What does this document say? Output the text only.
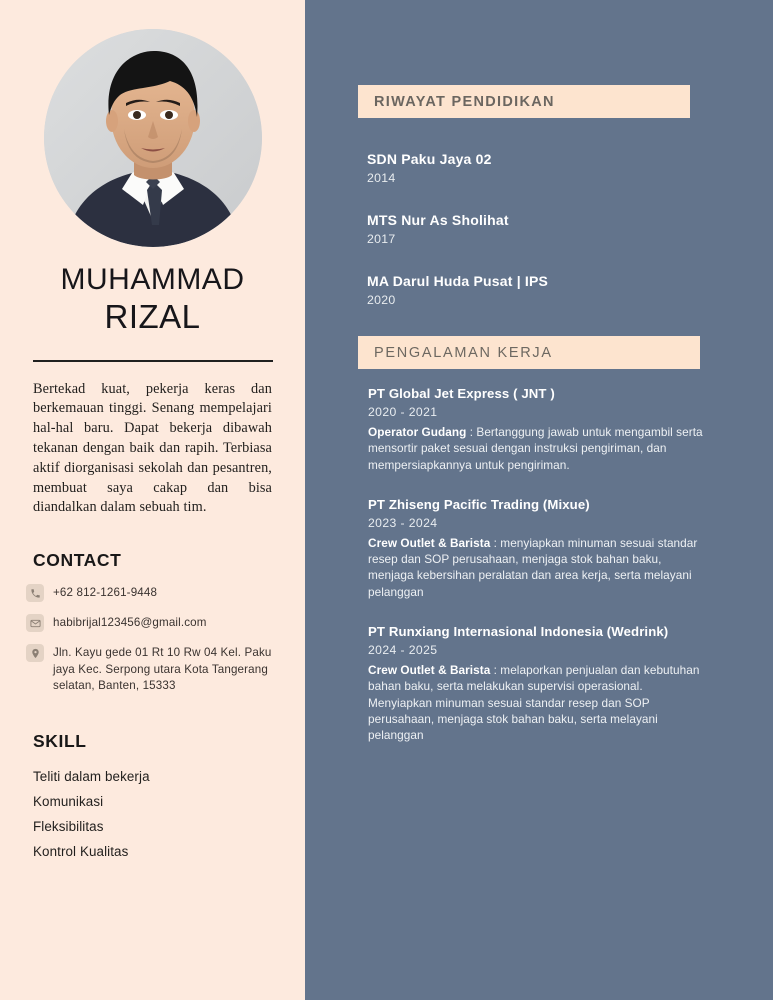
MUHAMMAD
RIZAL
Bertekad kuat, pekerja keras dan berkemauan tinggi. Senang mempelajari hal-hal baru. Dapat bekerja dibawah tekanan dengan baik dan rapih. Terbiasa aktif diorganisasi sekolah dan pesantren, membuat saya cakap dan bisa diandalkan dalam sebuah tim.
CONTACT
+62 812-1261-9448
habibrijal123456@gmail.com
Jln. Kayu gede 01 Rt 10 Rw 04 Kel. Paku jaya Kec. Serpong utara Kota Tangerang selatan, Banten, 15333
SKILL
Teliti dalam bekerja
Komunikasi
Fleksibilitas
Kontrol Kualitas
RIWAYAT PENDIDIKAN
SDN Paku Jaya 02
2014
MTS Nur As Sholihat
2017
MA Darul Huda Pusat | IPS
2020
PENGALAMAN KERJA
PT Global Jet Express ( JNT )
2020 - 2021
Operator Gudang : Bertanggung jawab untuk mengambil serta mensortir paket sesuai dengan instruksi pengiriman, dan mempersiapkannya untuk pengiriman.
PT Zhiseng Pacific Trading (Mixue)
2023 - 2024
Crew Outlet & Barista : menyiapkan minuman sesuai standar resep dan SOP perusahaan, menjaga stok bahan baku, menjaga kebersihan peralatan dan area kerja, serta melayani pelanggan
PT Runxiang Internasional Indonesia (Wedrink)
2024 - 2025
Crew Outlet & Barista : melaporkan penjualan dan kebutuhan bahan baku, serta melakukan supervisi operasional. Menyiapkan minuman sesuai standar resep dan SOP perusahaan, menjaga stok bahan baku, serta melayani pelanggan
